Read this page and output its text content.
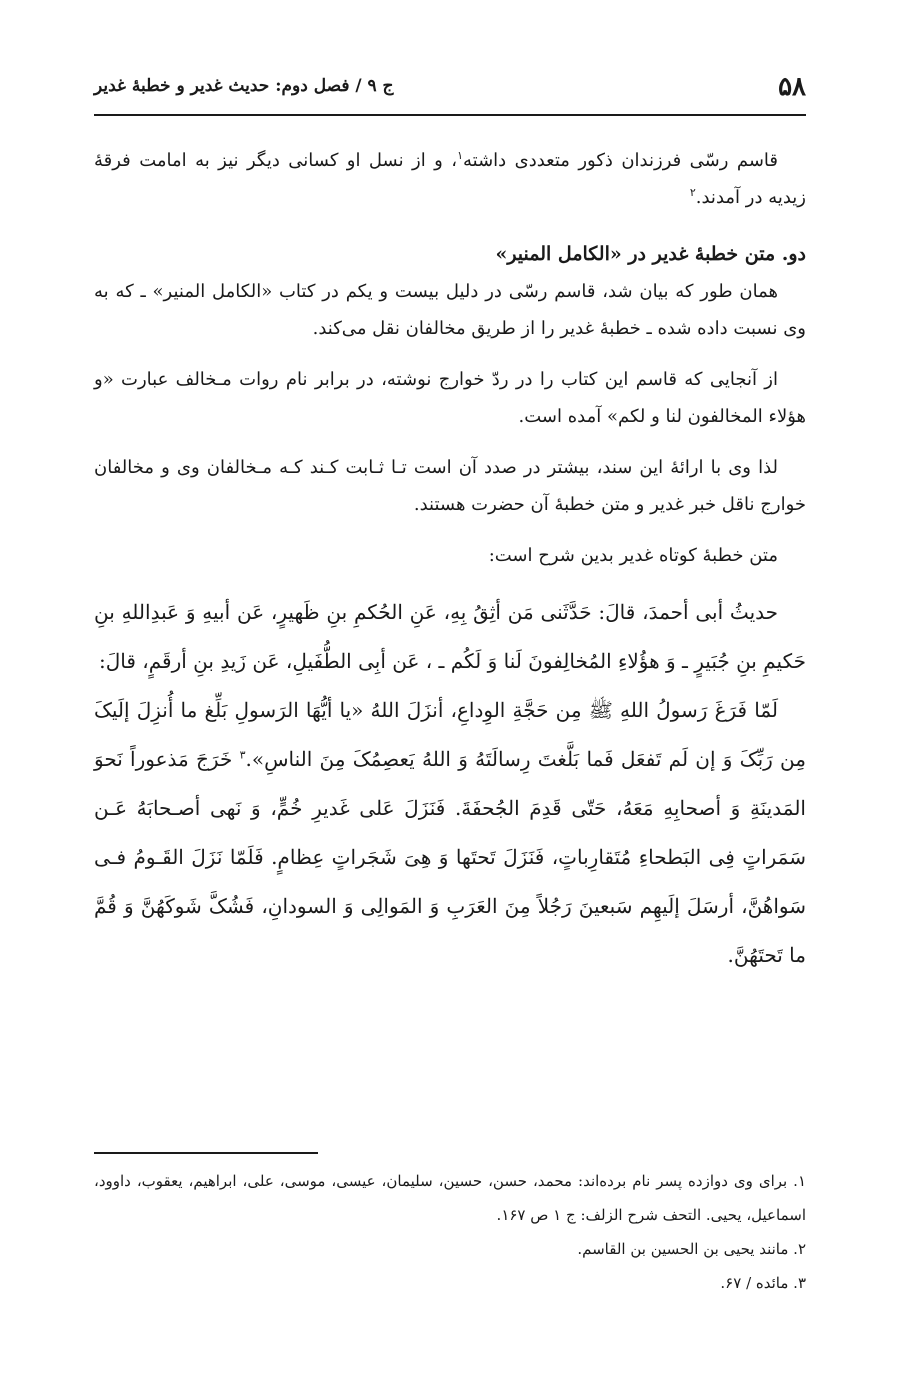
۵۸
ج ۹ / فصل دوم: حدیث غدیر و خطبهٔ غدیر

قاسم رسّی فرزندان ذکور متعددی داشته$^۱$، و از نسل او کسانی دیگر نیز به امامت فرقهٔ زیدیه در آمدند.$^۲$

دو. متن خطبهٔ غدیر در «الکامل المنیر»

همان طور که بیان شد، قاسم رسّی در دلیل بیست و یکم در کتاب «الکامل المنیر» ـ که به وی نسبت داده شده ـ خطبهٔ غدیر را از طریق مخالفان نقل می‌کند.

از آنجایی که قاسم این کتاب را در ردّ خوارج نوشته، در برابر نام روات مـخالف عبارت «و هؤلاء المخالفون لنا و لکم» آمده است.

لذا وی با ارائهٔ این سند، بیشتر در صدد آن است تـا ثـابت کـند کـه مـخالفان وی و مخالفان خوارج ناقل خبر غدیر و متن خطبهٔ آن حضرت هستند.

متن خطبهٔ کوتاه غدیر بدین شرح است:

حدیثُ أبی أحمدَ، قالَ: حَدَّثَنی مَن أثِقُ بِهِ، عَنِ الحُکمِ بنِ ظَهیرٍ، عَن أبیهِ وَ عَبدِاللهِ بنِ حَکیمِ بنِ جُبَیرٍ ـ وَ هؤُلاءِ المُخالِفونَ لَنا وَ لَکُم ـ ، عَن أبِی الطُّفَیلِ، عَن زَیدِ بنِ أرقَمٍ، قالَ:

لَمّا فَرَغَ رَسولُ اللهِ ﷺ مِن حَجَّةِ الوِداعِ، أنزَلَ اللهُ «یا أیُّهَا الرَسولِ بَلِّغ ما أُنزِلَ إلَیکَ مِن رَبِّکَ وَ إن لَم تَفعَل فَما بَلَّغتَ رِسالَتَهُ وَ اللهُ یَعصِمُکَ مِنَ الناسِ».$^۳$ خَرَجَ مَذعوراً نَحوَ المَدینَةِ وَ أصحابِهِ مَعَهُ، حَتّی قَدِمَ الجُحفَةَ. فَنَزَلَ عَلی غَدیرِ خُمٍّ، وَ نَهی أصـحابَهُ عَـن سَمَراتٍ فِی البَطحاءِ مُتَقارِباتٍ، فَنَزَلَ تَحتَها وَ هِیَ شَجَراتٍ عِظامٍ. فَلَمّا نَزَلَ القَـومُ فـی سَواهُنَّ، أرسَلَ إلَیهِم سَبعینَ رَجُلاً مِنَ العَرَبِ وَ المَوالِی وَ السودانِ، فَشُکَّ شَوکَهُنَّ وَ قُمَّ ما تَحتَهُنَّ.

۱. برای وی دوازده پسر نام برده‌اند: محمد، حسن، حسین، سلیمان، عیسی، موسی، علی، ابراهیم، یعقوب، داوود، اسماعیل، یحیی. التحف شرح الزلف: ج ۱ ص ۱۶۷.

۲. مانند یحیی بن الحسین بن القاسم.

۳. مائده / ۶۷.
